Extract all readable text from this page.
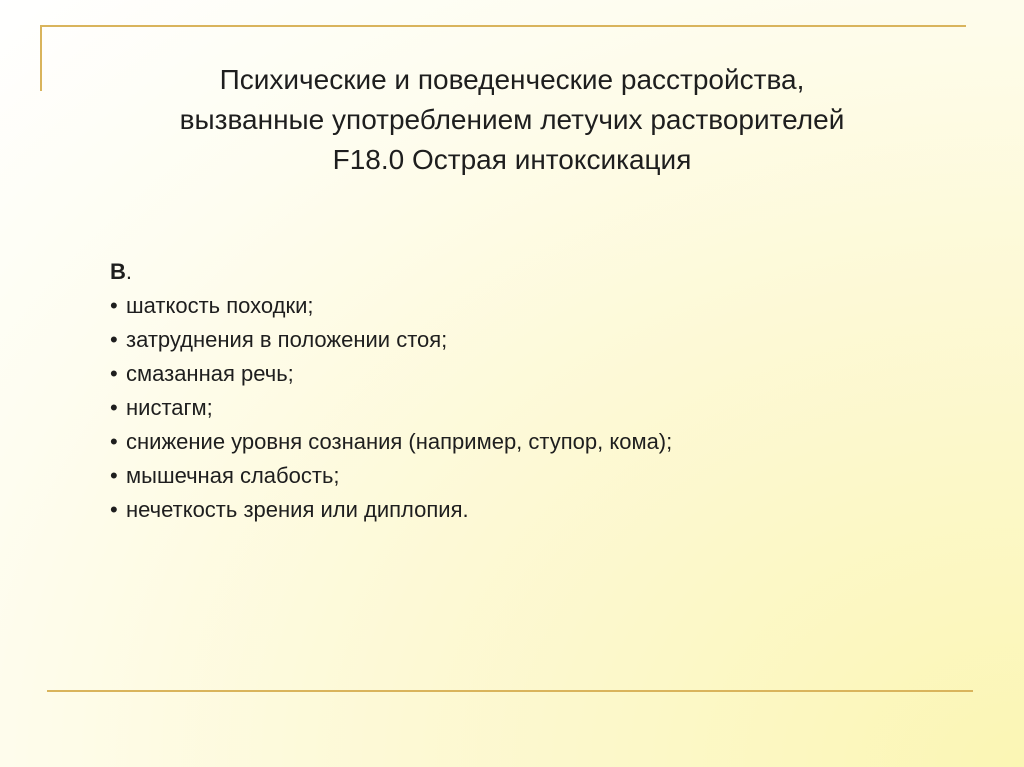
Психические и поведенческие расстройства,
вызванные употреблением летучих растворителей
F18.0 Острая интоксикация
B.
• шаткость походки;
• затруднения в положении стоя;
• смазанная речь;
• нистагм;
• снижение уровня сознания (например, ступор, кома);
• мышечная слабость;
• нечеткость зрения или диплопия.
